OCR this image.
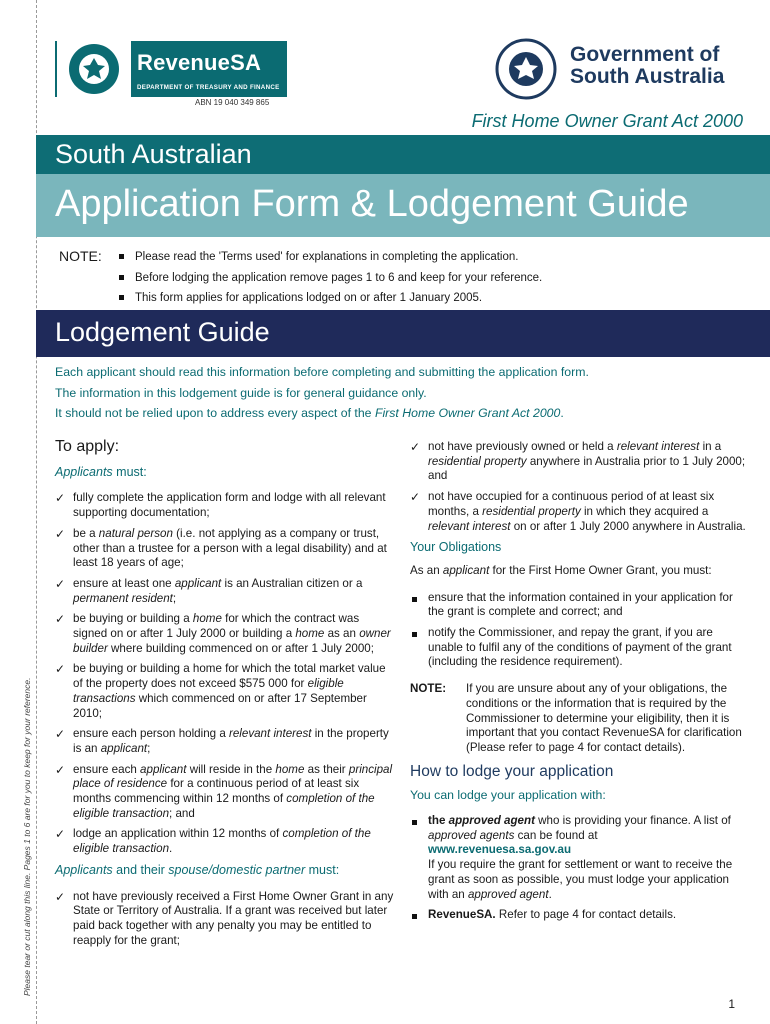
Please tear or cut along this line. Pages 1 to 6 are for you to keep for your reference.
RevenueSA
DEPARTMENT OF TREASURY AND FINANCE
ABN 19 040 349 865
Government of
South Australia
First Home Owner Grant Act 2000
South Australian
Application Form & Lodgement Guide
NOTE:	Please read the 'Terms used' for explanations in completing the application.
Before lodging the application remove pages 1 to 6 and keep for your reference.
This form applies for applications lodged on or after 1 January 2005.
Lodgement Guide
Each applicant should read this information before completing and submitting the application form.
The information in this lodgement guide is for general guidance only.
It should not be relied upon to address every aspect of the First Home Owner Grant Act 2000.
To apply:
Applicants must:
✓ fully complete the application form and lodge with all relevant supporting documentation;
✓ be a natural person (i.e. not applying as a company or trust, other than a trustee for a person with a legal disability) and at least 18 years of age;
✓ ensure at least one applicant is an Australian citizen or a permanent resident;
✓ be buying or building a home for which the contract was signed on or after 1 July 2000 or building a home as an owner builder where building commenced on or after 1 July 2000;
✓ be buying or building a home for which the total market value of the property does not exceed $575 000 for eligible transactions which commenced on or after 17 September 2010;
✓ ensure each person holding a relevant interest in the property is an applicant;
✓ ensure each applicant will reside in the home as their principal place of residence for a continuous period of at least six months commencing within 12 months of completion of the eligible transaction; and
✓ lodge an application within 12 months of completion of the eligible transaction.
Applicants and their spouse/domestic partner must:
✓ not have previously received a First Home Owner Grant in any State or Territory of Australia. If a grant was received but later paid back together with any penalty you may be entitled to reapply for the grant;
✓ not have previously owned or held a relevant interest in a residential property anywhere in Australia prior to 1 July 2000; and
✓ not have occupied for a continuous period of at least six months, a residential property in which they acquired a relevant interest on or after 1 July 2000 anywhere in Australia.
Your Obligations
As an applicant for the First Home Owner Grant, you must:
ensure that the information contained in your application for the grant is complete and correct; and
notify the Commissioner, and repay the grant, if you are unable to fulfil any of the conditions of payment of the grant (including the residence requirement).
NOTE: If you are unsure about any of your obligations, the conditions or the information that is required by the Commissioner to determine your eligibility, then it is important that you contact RevenueSA for clarification (Please refer to page 4 for contact details).
How to lodge your application
You can lodge your application with:
the approved agent who is providing your finance. A list of approved agents can be found at
www.revenuesa.sa.gov.au
If you require the grant for settlement or want to receive the grant as soon as possible, you must lodge your application with an approved agent.
RevenueSA. Refer to page 4 for contact details.
1
